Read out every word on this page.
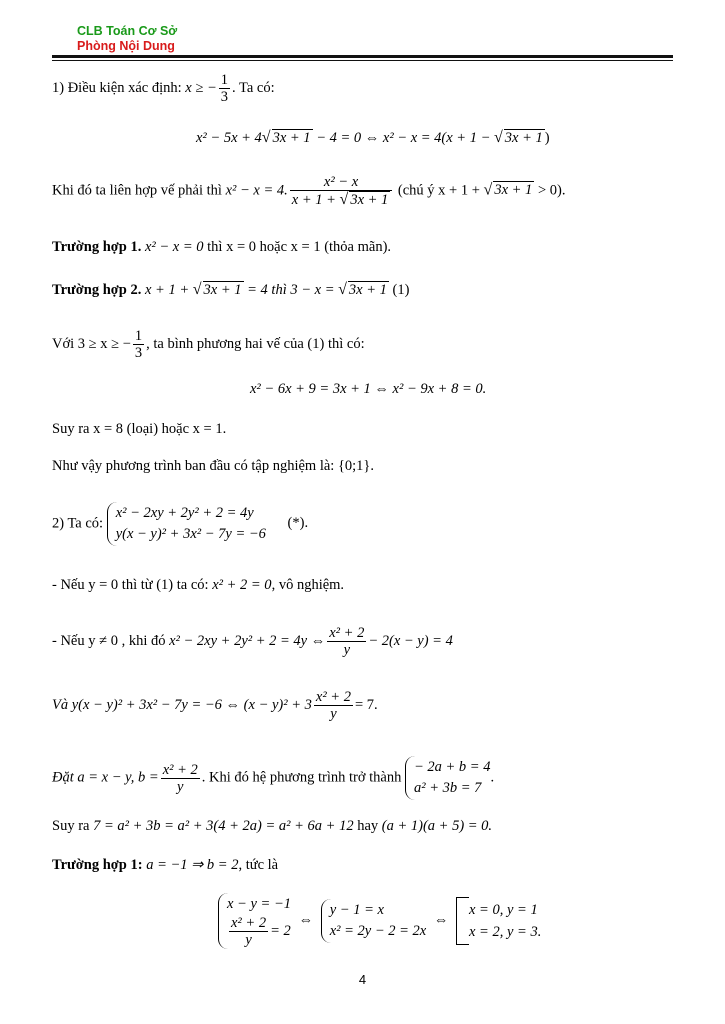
CLB Toán Cơ Sở
Phòng Nội Dung
1) Điều kiện xác định: x ≥ − $\frac{1}{3}$ . Ta có:
x² − 5x + 4√ 3x + 1 − 4 = 0 ⇔ x² − x = 4(x + 1 − √ 3x + 1 )
Khi đó ta liên hợp vế phải thì x² − x = 4. $\frac{\text{x² − x}}{x + 1 + √ 3x + 1}$ (chú ý x + 1 + √ 3x + 1 > 0).
Trường hợp 1. x² − x = 0 thì x = 0 hoặc x = 1 (thỏa mãn).
Trường hợp 2. x + 1 + √ 3x + 1 = 4 thì 3 − x = √ 3x + 1 (1)
Với 3 ≥ x ≥ − $\frac{1}{3}$ , ta bình phương hai vế của (1) thì có:
x² − 6x + 9 = 3x + 1 ⇔ x² − 9x + 8 = 0.
Suy ra x = 8 (loại) hoặc x = 1.
Như vậy phương trình ban đầu có tập nghiệm là: {0;1}.
2) Ta có:
x² − 2xy + 2y² + 2 = 4y
y(x − y)² + 3x² − 7y = −6
(*).
- Nếu y = 0 thì từ (1) ta có: x² + 2 = 0, vô nghiệm.
- Nếu y ≠ 0 , khi đó x² − 2xy + 2y² + 2 = 4y ⇔ $\frac{\text{x² + 2}}{y} - 2(x - y) = 4$
Và y(x − y)² + 3x² − 7y = −6 ⇔ $(x - y)^2 + 3 \frac{\text{x² + 2}}{y} = 7$.
Đặt a = x − y, $b = \frac{\text{x² + 2}}{y}$ . Khi đó hệ phương trình trở thành
− 2a + b = 4
a² + 3b = 7
.
Suy ra 7 = a² + 3b = a² + 3(4 + 2a) = a² + 6a + 12 hay (a + 1)(a + 5) = 0.
Trường hợp 1: a = −1 ⇒ b = 2, tức là
x − y = −1
$\frac{\text{x² + 2}}{y} = 2$
⇔
y − 1 = x
x² = 2y − 2 = 2x
⇔
x = 0, y = 1
x = 2, y = 3.
4
